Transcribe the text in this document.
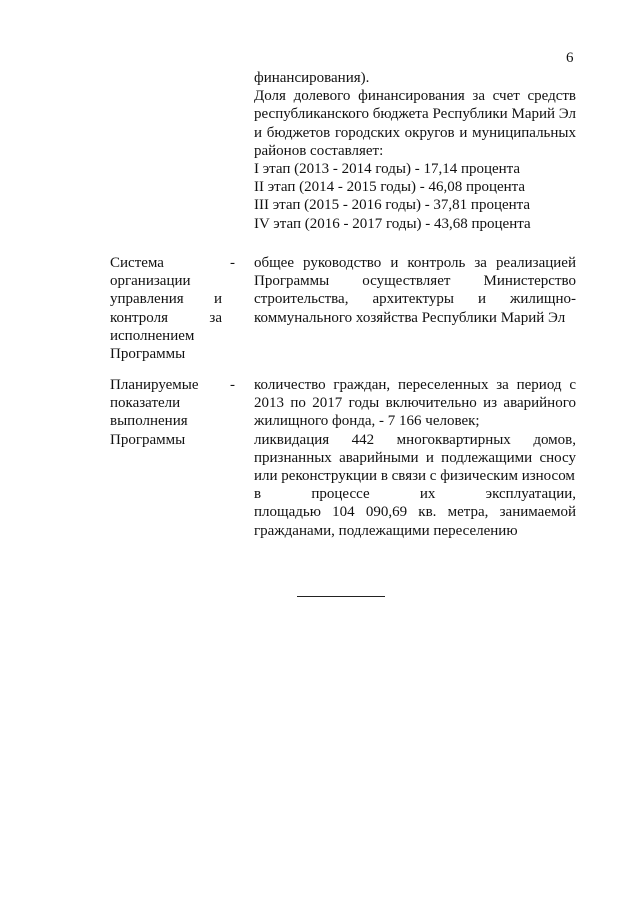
6

финансирования).

Доля долевого финансирования за счет средств республиканского бюджета Республики Марий Эл и бюджетов городских округов и муниципальных районов составляет:

I этап (2013 - 2014 годы) - 17,14 процента

II этап (2014 - 2015 годы) - 46,08 процента

III этап (2015 - 2016 годы) - 37,81 процента

IV этап (2016 - 2017 годы) - 43,68 процента

Система
организации
управления и
контроля	за
исполнением
Программы
- общее руководство и контроль за реализацией Программы осуществляет Министерство строительства, архитектуры и жилищно-коммунального хозяйства Республики Марий Эл

Планируемые
показатели
выполнения
Программы
- количество граждан, переселенных за период с 2013 по 2017 годы включительно из аварийного жилищного фонда, - 7 166 человек;

ликвидация 442 многоквартирных домов, признанных аварийными и подлежащими сносу или реконструкции в связи с физическим износом

в	процессе	их	эксплуатации,

площадью 104 090,69 кв. метра, занимаемой гражданами, подлежащими переселению
